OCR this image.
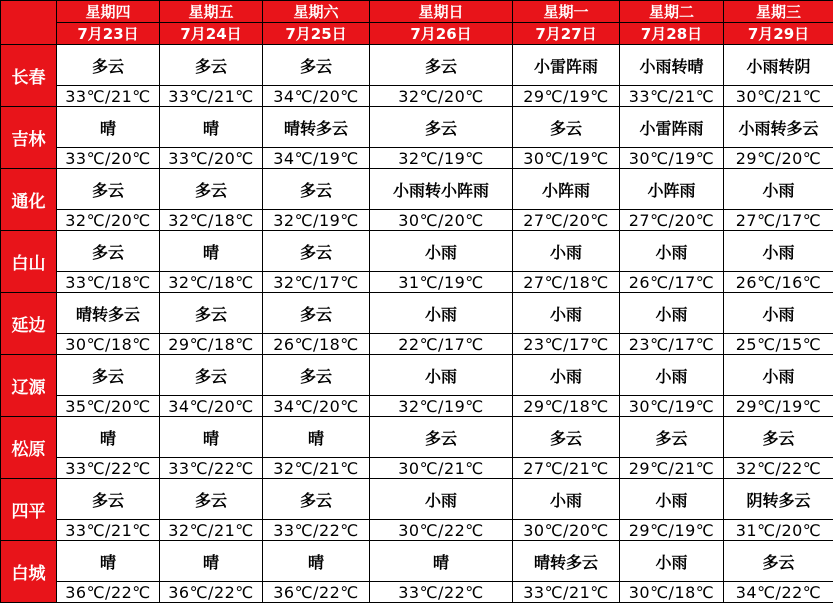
	星期四	星期五	星期六	星期日	星期一	星期二	星期三
	7月23日	7月24日	7月25日	7月26日	7月27日	7月28日	7月29日
长春	多云	多云	多云	多云	小雷阵雨	小雨转晴	小雨转阴
	33℃/21℃	33℃/21℃	34℃/20℃	32℃/20℃	29℃/19℃	33℃/21℃	30℃/21℃
吉林	晴	晴	晴转多云	多云	多云	小雷阵雨	小雨转多云
	33℃/20℃	33℃/20℃	34℃/19℃	32℃/19℃	30℃/19℃	30℃/19℃	29℃/20℃
通化	多云	多云	多云	小雨转小阵雨	小阵雨	小阵雨	小雨
	32℃/20℃	32℃/18℃	32℃/19℃	30℃/20℃	27℃/20℃	27℃/20℃	27℃/17℃
白山	多云	晴	多云	小雨	小雨	小雨	小雨
	33℃/18℃	32℃/18℃	32℃/17℃	31℃/19℃	27℃/18℃	26℃/17℃	26℃/16℃
延边	晴转多云	多云	多云	小雨	小雨	小雨	小雨
	30℃/18℃	29℃/18℃	26℃/18℃	22℃/17℃	23℃/17℃	23℃/17℃	25℃/15℃
辽源	多云	多云	多云	小雨	小雨	小雨	小雨
	35℃/20℃	34℃/20℃	34℃/20℃	32℃/19℃	29℃/18℃	30℃/19℃	29℃/19℃
松原	晴	晴	晴	多云	多云	多云	多云
	33℃/22℃	33℃/22℃	32℃/21℃	30℃/21℃	27℃/21℃	29℃/21℃	32℃/22℃
四平	多云	多云	多云	小雨	小雨	小雨	阴转多云
	33℃/21℃	32℃/21℃	33℃/22℃	30℃/22℃	30℃/20℃	29℃/19℃	31℃/20℃
白城	晴	晴	晴	晴	晴转多云	小雨	多云
	36℃/22℃	36℃/22℃	36℃/22℃	33℃/22℃	33℃/21℃	30℃/18℃	34℃/22℃
